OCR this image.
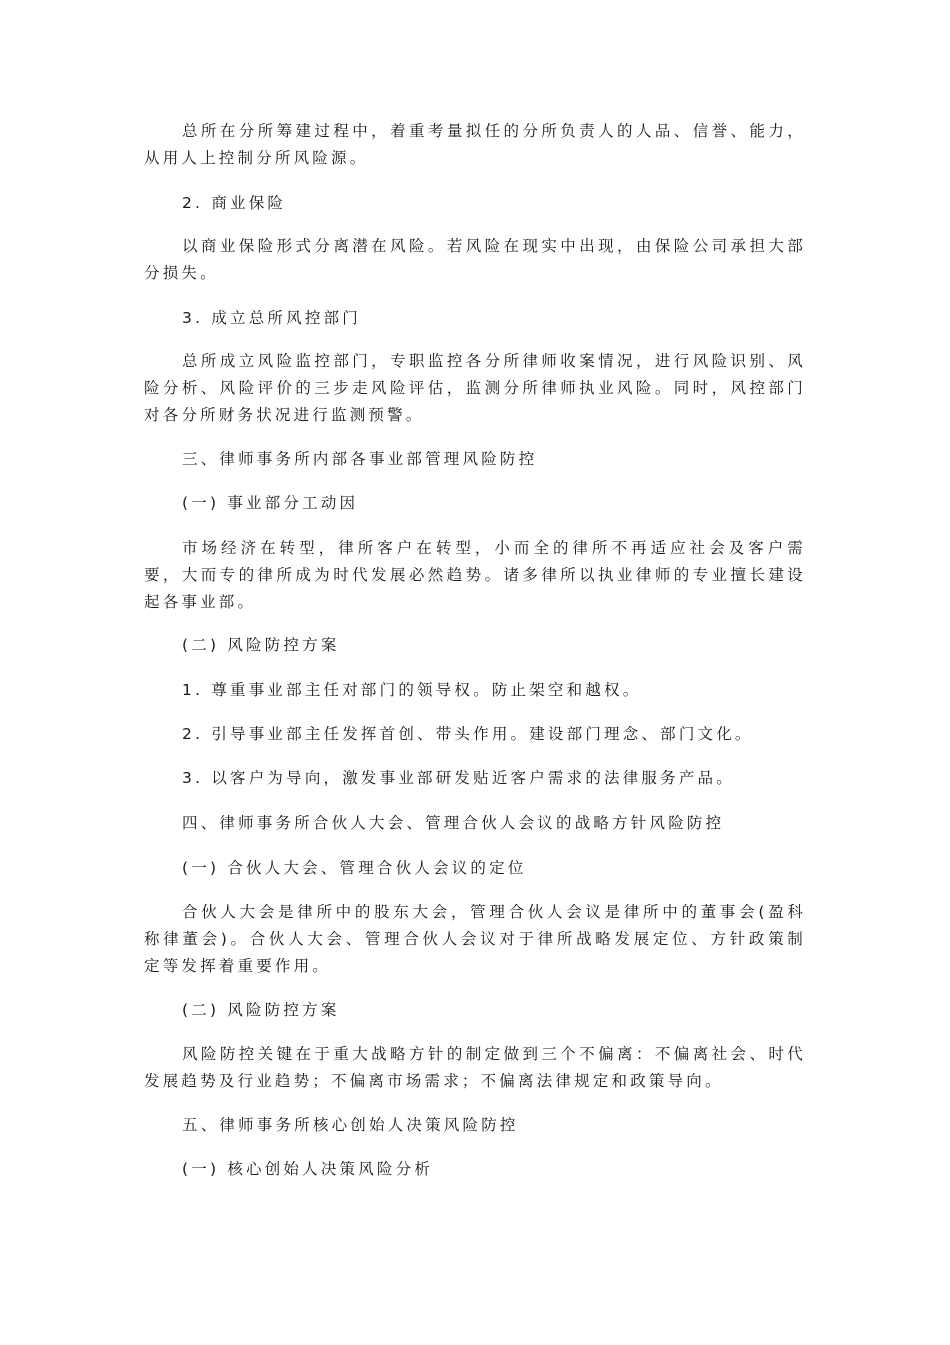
总所在分所筹建过程中，着重考量拟任的分所负责人的人品、信誉、能力，从用人上控制分所风险源。

2. 商业保险

以商业保险形式分离潜在风险。若风险在现实中出现，由保险公司承担大部分损失。

3. 成立总所风控部门

总所成立风险监控部门，专职监控各分所律师收案情况，进行风险识别、风险分析、风险评价的三步走风险评估，监测分所律师执业风险。同时，风控部门对各分所财务状况进行监测预警。

三、律师事务所内部各事业部管理风险防控

(一) 事业部分工动因

市场经济在转型，律所客户在转型，小而全的律所不再适应社会及客户需要，大而专的律所成为时代发展必然趋势。诸多律所以执业律师的专业擅长建设起各事业部。

(二) 风险防控方案

1. 尊重事业部主任对部门的领导权。防止架空和越权。

2. 引导事业部主任发挥首创、带头作用。建设部门理念、部门文化。

3. 以客户为导向，激发事业部研发贴近客户需求的法律服务产品。

四、律师事务所合伙人大会、管理合伙人会议的战略方针风险防控

(一) 合伙人大会、管理合伙人会议的定位

合伙人大会是律所中的股东大会，管理合伙人会议是律所中的董事会(盈科称律董会)。合伙人大会、管理合伙人会议对于律所战略发展定位、方针政策制定等发挥着重要作用。

(二) 风险防控方案

风险防控关键在于重大战略方针的制定做到三个不偏离：不偏离社会、时代发展趋势及行业趋势；不偏离市场需求；不偏离法律规定和政策导向。

五、律师事务所核心创始人决策风险防控

(一) 核心创始人决策风险分析
